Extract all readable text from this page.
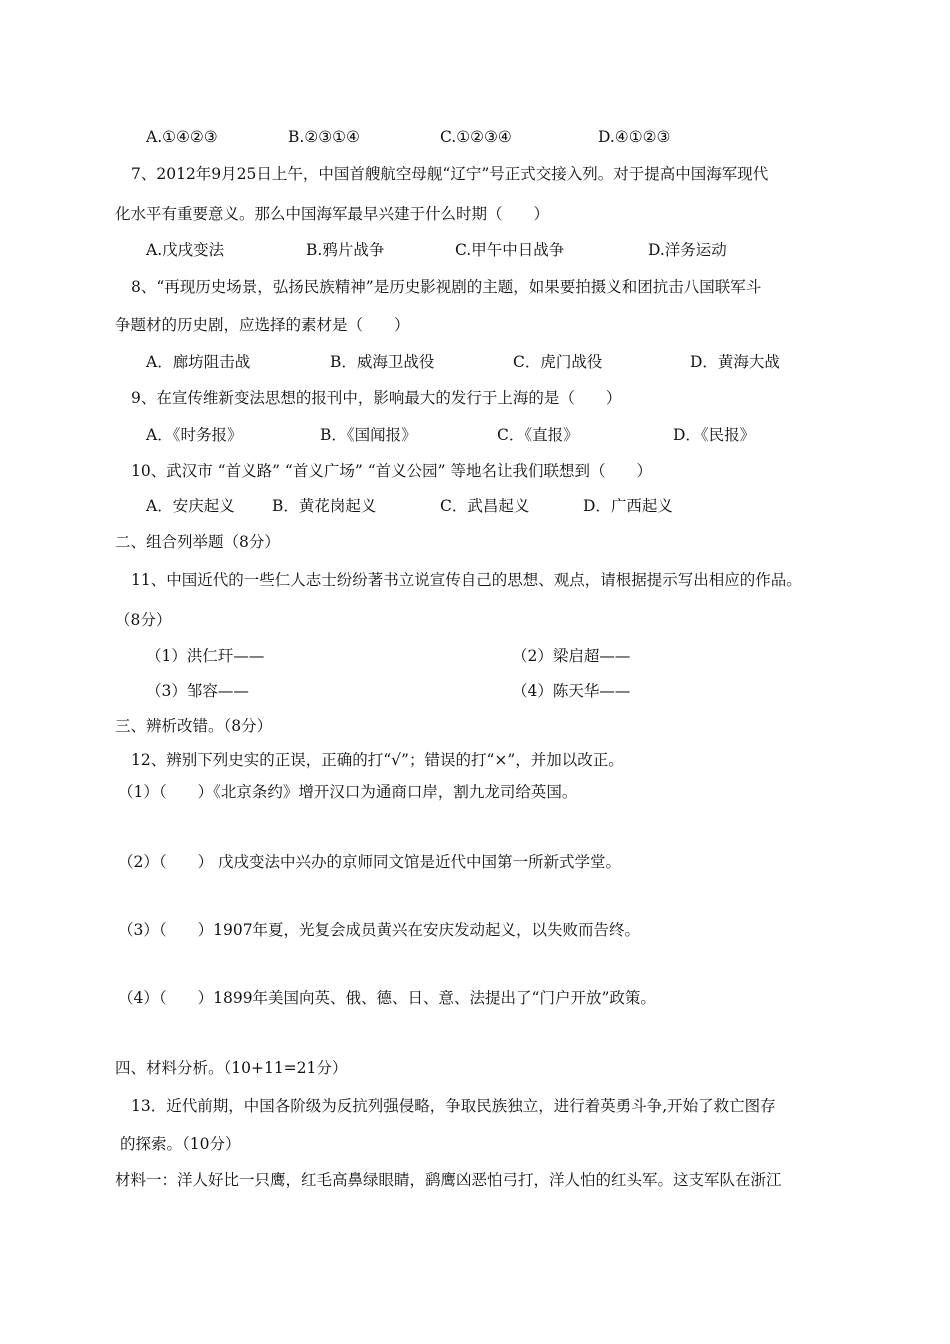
A.①④②③	B.②③①④	C.①②③④	D.④①②③
7、2012年9月25日上午，中国首艘航空母舰“辽宁”号正式交接入列。对于提高中国海军现代
化水平有重要意义。那么中国海军最早兴建于什么时期（　　）
A.戊戌变法	B.鸦片战争	C.甲午中日战争	D.洋务运动
8、“再现历史场景，弘扬民族精神”是历史影视剧的主题，如果要拍摄义和团抗击八国联军斗
争题材的历史剧，应选择的素材是（　　）
A．廊坊阻击战	B．威海卫战役	C．虎门战役	D．黄海大战
9、在宣传维新变法思想的报刊中，影响最大的发行于上海的是（　　）
A．《时务报》	B．《国闻报》	C．《直报》	D．《民报》
10、武汉市 “首义路” “首义广场” “首义公园” 等地名让我们联想到（　　）
A．安庆起义 B．黄花岗起义	C．武昌起义	D．广西起义
二、组合列举题（8分）
11、中国近代的一些仁人志士纷纷著书立说宣传自己的思想、观点，请根据提示写出相应的作品。
（8分）
（1）洪仁玕——	（2）梁启超——
（3）邹容——	（4）陈天华——
三、辨析改错。（8分）
12、辨别下列史实的正误，正确的打“√”；错误的打“×”，并加以改正。
（1）（　　）《北京条约》增开汉口为通商口岸，割九龙司给英国。
（2）（　　） 戊戌变法中兴办的京师同文馆是近代中国第一所新式学堂。
（3）（　　）1907年夏，光复会成员黄兴在安庆发动起义，以失败而告终。
（4）（　　）1899年美国向英、俄、德、日、意、法提出了“门户开放”政策。
四、材料分析。（10+11=21分）
13．近代前期，中国各阶级为反抗列强侵略，争取民族独立，进行着英勇斗争,开始了救亡图存
的探索。（10分）
材料一：洋人好比一只鹰，红毛高鼻绿眼睛，鹞鹰凶恶怕弓打，洋人怕的红头军。这支军队在浙江
